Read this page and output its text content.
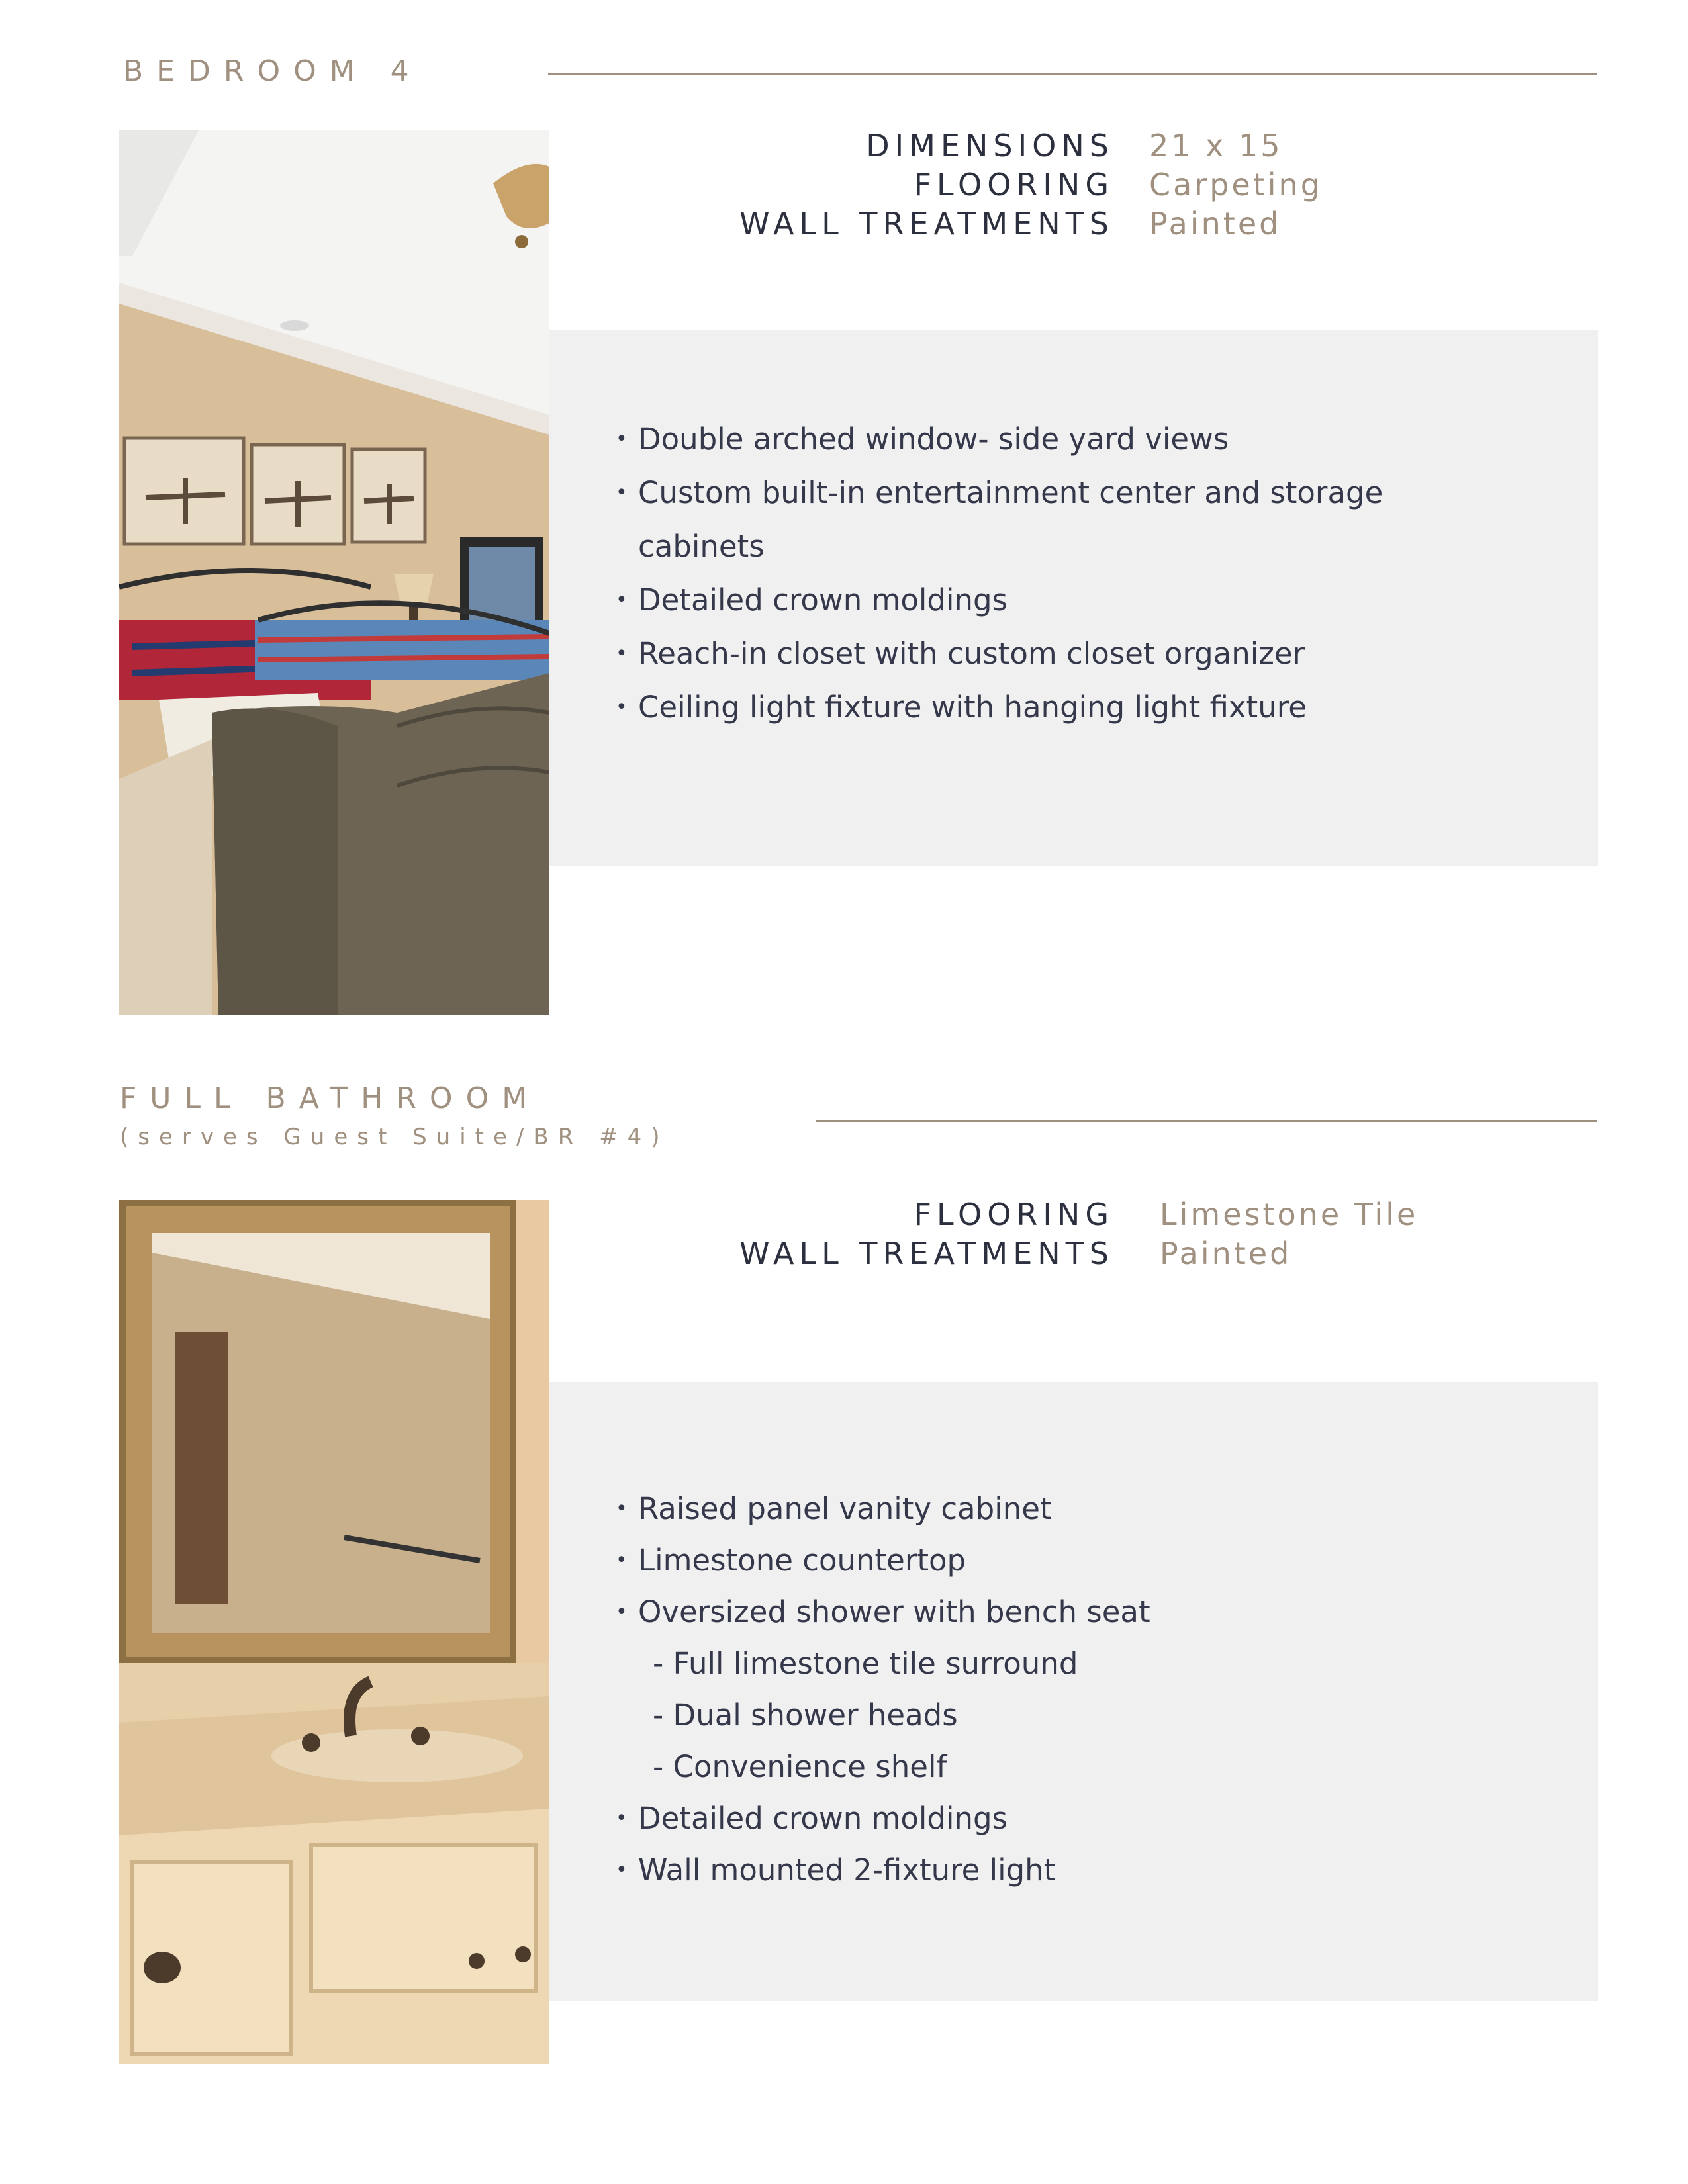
BEDROOM 4
DIMENSIONS
FLOORING
WALL TREATMENTS
21 x 15
Carpeting
Painted
• Double arched window- side yard views
• Custom built-in entertainment center and storage
cabinets
• Detailed crown moldings
• Reach-in closet with custom closet organizer
• Ceiling light fixture with hanging light fixture
FULL BATHROOM
(serves Guest Suite/BR #4)
FLOORING
WALL TREATMENTS
Limestone Tile
Painted
• Raised panel vanity cabinet
• Limestone countertop
• Oversized shower with bench seat
- Full limestone tile surround
- Dual shower heads
- Convenience shelf
• Detailed crown moldings
• Wall mounted 2-fixture light
